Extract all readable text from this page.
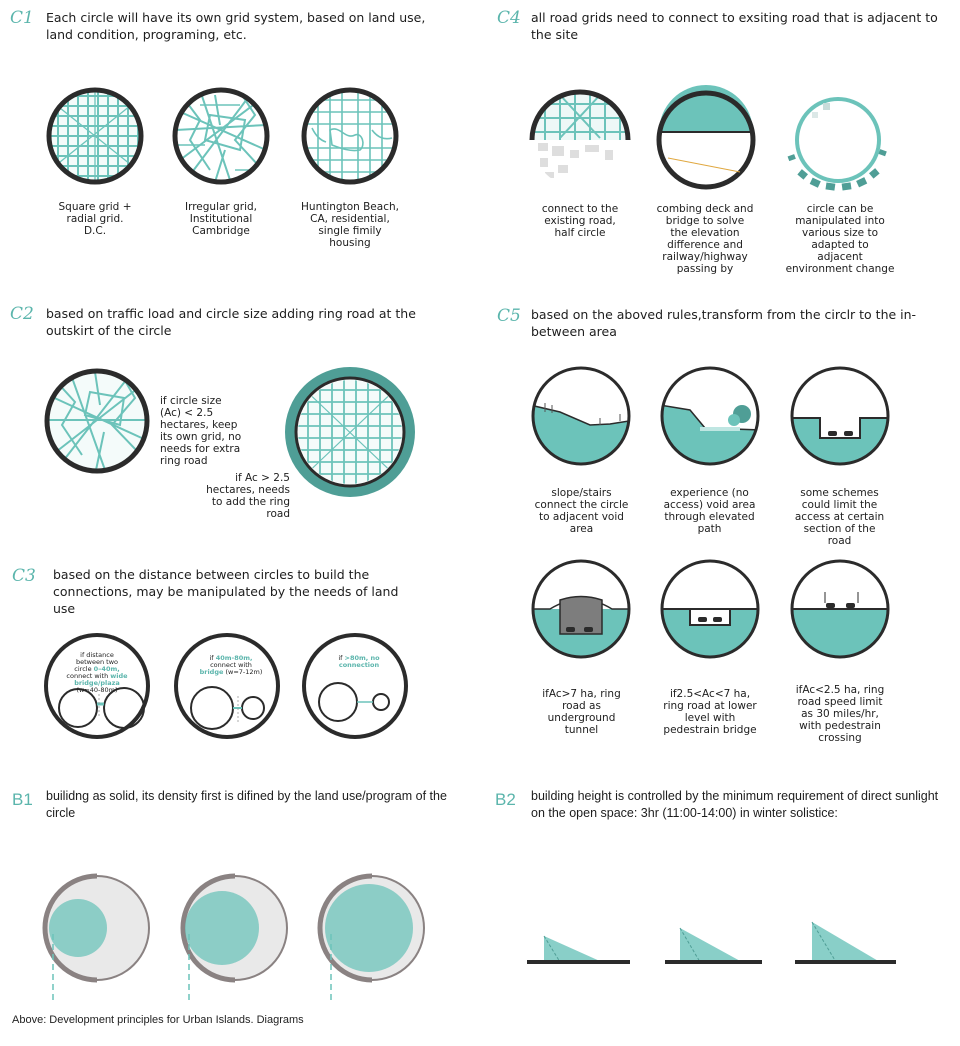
C1 Each circle will have its own grid system, based on land use, land condition, programing, etc.
Square grid +
radial grid.
D.C.
Irregular grid,
Institutional
Cambridge
Huntington Beach,
CA, residential,
single fimily
housing
C4 all road grids need to connect to exsiting road that is adjacent to the site
connect to the
existing road,
half circle
combing deck and
bridge to solve
the elevation
difference and
railway/highway
passing by
circle can be
manipulated into
various size to
adapted to
adjacent
environment change
C2 based on traffic load and circle size adding ring road at the outskirt of the circle
if circle size
(Ac) < 2.5
hectares, keep
its own grid, no
needs for extra
ring road
if Ac > 2.5
hectares, needs
to add the ring
road
C5 based on the aboved rules,transform from the circlr to the in-between area
slope/stairs
connect the circle
to adjacent void
area
experience (no
access) void area
through elevated
path
some schemes
could limit the
access at certain
section of the
road
ifAc>7 ha, ring
road as
underground
tunnel
if2.5<Ac<7 ha,
ring road at lower
level with
pedestrain bridge
ifAc<2.5 ha, ring
road speed limit
as 30 miles/hr,
with pedestrain
crossing
C3 based on the distance between circles to build the connections, may be manipulated by the needs of land use
if distance
between two
circle 0–40m,
connect with wide
bridge/plaza
(w=40-80m)
if 40m-80m,
connect with
bridge (w=7-12m)
if >80m, no
connection
B1 builidng as solid, its density first is difined by the land use/program of the circle
B2 building height is controlled by the minimum requirement of direct sunlight on the open space: 3hr (11:00-14:00) in winter solistice:
Above: Development principles for Urban Islands. Diagrams
